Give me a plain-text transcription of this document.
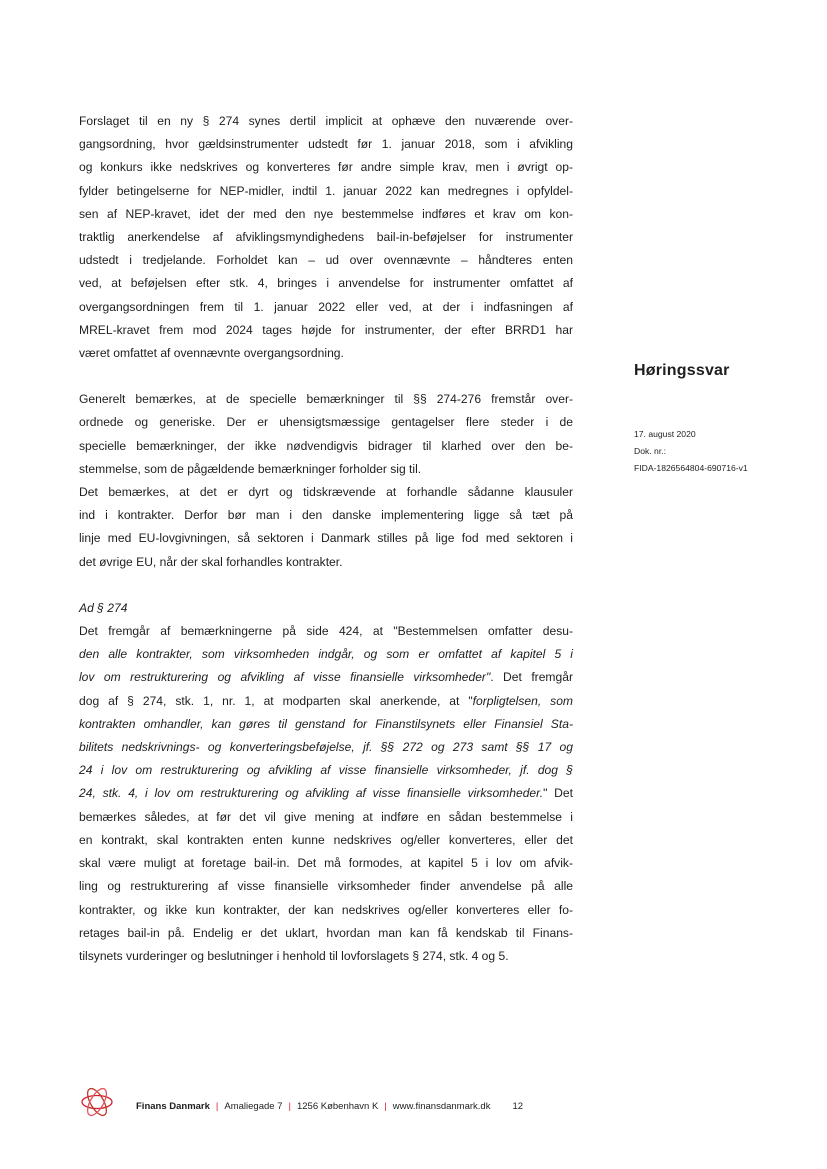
Forslaget til en ny § 274 synes dertil implicit at ophæve den nuværende over-
gangsordning, hvor gældsinstrumenter udstedt før 1. januar 2018, som i afvikling
og konkurs ikke nedskrives og konverteres før andre simple krav, men i øvrigt op-
fylder betingelserne for NEP-midler, indtil 1. januar 2022 kan medregnes i opfyldel-
sen af NEP-kravet, idet der med den nye bestemmelse indføres et krav om kon-
traktlig anerkendelse af afviklingsmyndighedens bail-in-beføjelser for instrumenter
udstedt i tredjelande. Forholdet kan – ud over ovennævnte – håndteres enten
ved, at beføjelsen efter stk. 4, bringes i anvendelse for instrumenter omfattet af
overgangsordningen frem til 1. januar 2022 eller ved, at der i indfasningen af
MREL-kravet frem mod 2024 tages højde for instrumenter, der efter BRRD1 har
været omfattet af ovennævnte overgangsordning.

Generelt bemærkes, at de specielle bemærkninger til §§ 274-276 fremstår over-
ordnede og generiske. Der er uhensigtsmæssige gentagelser flere steder i de
specielle bemærkninger, der ikke nødvendigvis bidrager til klarhed over den be-
stemmelse, som de pågældende bemærkninger forholder sig til.

Det bemærkes, at det er dyrt og tidskrævende at forhandle sådanne klausuler
ind i kontrakter. Derfor bør man i den danske implementering ligge så tæt på
linje med EU-lovgivningen, så sektoren i Danmark stilles på lige fod med sektoren i
det øvrige EU, når der skal forhandles kontrakter.

Ad § 274
Det fremgår af bemærkningerne på side 424, at "Bestemmelsen omfatter desu-
den alle kontrakter, som virksomheden indgår, og som er omfattet af kapitel 5 i
lov om restrukturering og afvikling af visse finansielle virksomheder". Det fremgår
dog af § 274, stk. 1, nr. 1, at modparten skal anerkende, at "forpligtelsen, som
kontrakten omhandler, kan gøres til genstand for Finanstilsynets eller Finansiel Sta-
bilitets nedskrivnings- og konverteringsbeføjelse, jf. §§ 272 og 273 samt §§ 17 og
24 i lov om restrukturering og afvikling af visse finansielle virksomheder, jf. dog §
24, stk. 4, i lov om restrukturering og afvikling af visse finansielle virksomheder." Det
bemærkes således, at før det vil give mening at indføre en sådan bestemmelse i
en kontrakt, skal kontrakten enten kunne nedskrives og/eller konverteres, eller det
skal være muligt at foretage bail-in. Det må formodes, at kapitel 5 i lov om afvik-
ling og restrukturering af visse finansielle virksomheder finder anvendelse på alle
kontrakter, og ikke kun kontrakter, der kan nedskrives og/eller konverteres eller fo-
retages bail-in på. Endelig er det uklart, hvordan man kan få kendskab til Finans-
tilsynets vurderinger og beslutninger i henhold til lovforslagets § 274, stk. 4 og 5.
Høringssvar
17. august 2020
Dok. nr.:
FIDA-1826564804-690716-v1
Finans Danmark | Amaliegade 7 | 1256 København K | www.finansdanmark.dk 12
